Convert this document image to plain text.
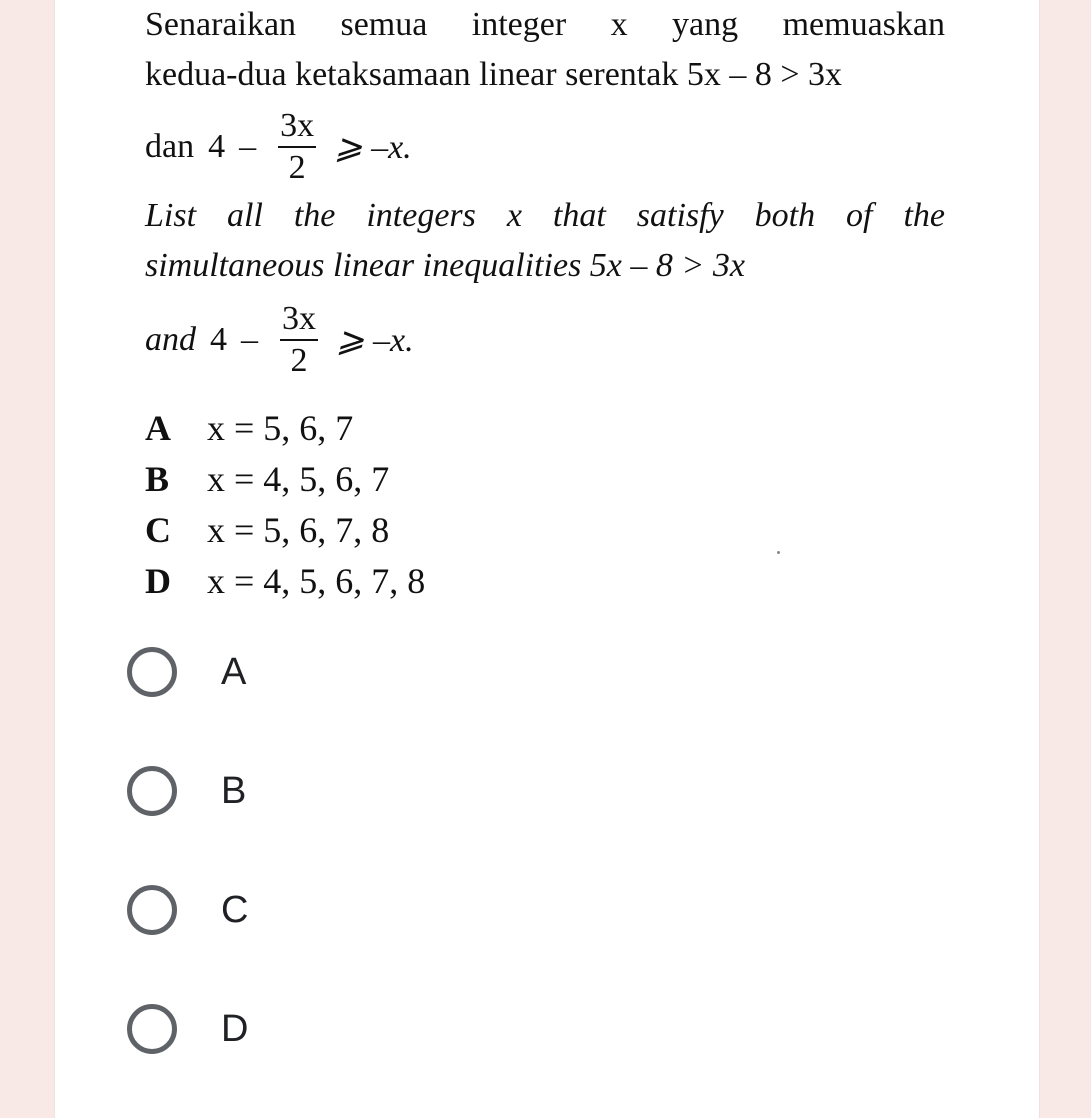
Senaraikan semua integer x yang memuaskan
kedua-dua ketaksamaan linear serentak 5x – 8 > 3x

dan $4 - \frac{3x}{2}$ ⩾ –x.

List all the integers x that satisfy both of the
simultaneous linear inequalities 5x – 8 > 3x

and $4 - \frac{3x}{2}$ ⩾ –x.
A	x = 5, 6, 7
B	x = 4, 5, 6, 7
C	x = 5, 6, 7, 8
D	x = 4, 5, 6, 7, 8
A
B
C
D
